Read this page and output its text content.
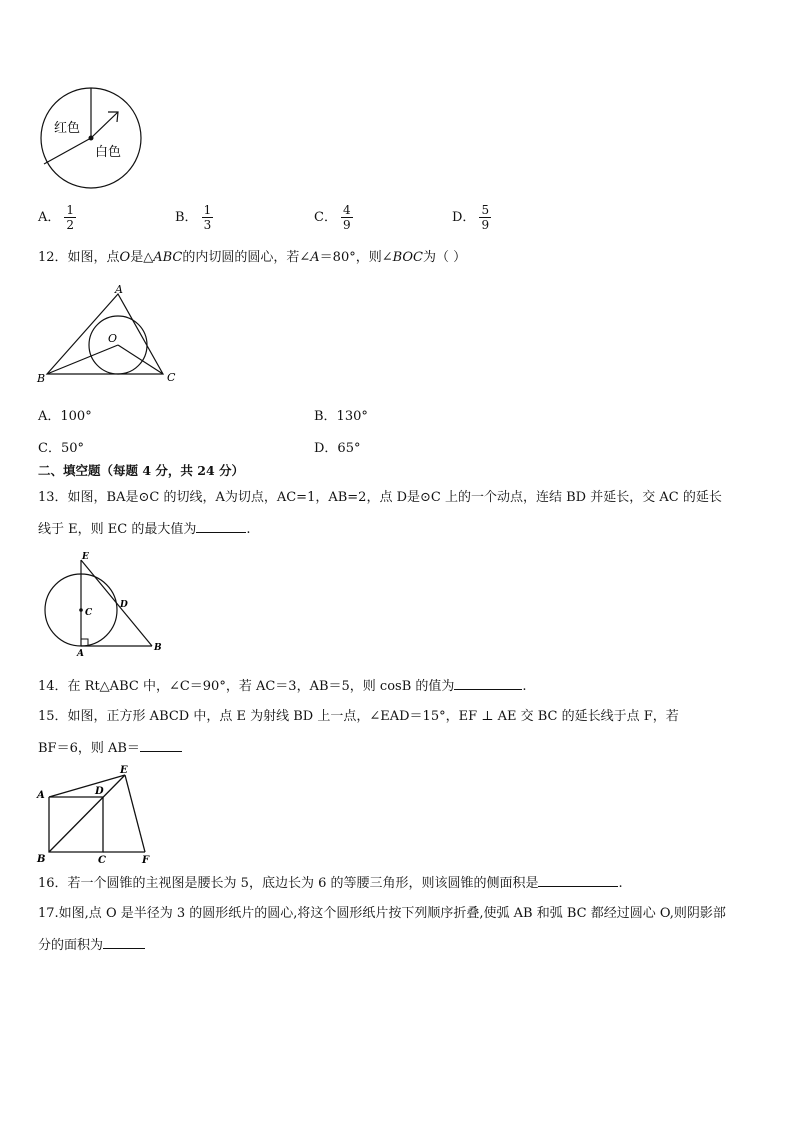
红色
白色
A． $\frac{1}{2}$	B． $\frac{1}{3}$	C． $\frac{4}{9}$	D． $\frac{5}{9}$
12．如图，点O是△ABC的内切圆的圆心，若∠A＝80°，则∠BOC为（ ）
A
B	C
O
A．100°	B．130°
C．50°	D．65°
二、填空题（每题 4 分，共 24 分）
13．如图，BA是⊙C 的切线，A为切点，AC=1，AB=2，点 D是⊙C 上的一个动点，连结 BD 并延长，交 AC 的延长
线于 E，则 EC 的最大值为	.
E
C
D
A
B
14．在 Rt△ABC 中，∠C＝90°，若 AC＝3，AB＝5，则 cosB 的值为	.
15．如图，正方形 ABCD 中，点 E 为射线 BD 上一点，∠EAD＝15°，EF ⊥ AE 交 BC 的延长线于点 F，若
BF＝6，则 AB＝
A
B	C
D
E
F
16．若一个圆锥的主视图是腰长为 5，底边长为 6 的等腰三角形，则该圆锥的侧面积是	.
17.如图,点 O 是半径为 3 的圆形纸片的圆心,将这个圆形纸片按下列顺序折叠,使弧 AB 和弧 BC 都经过圆心 O,则阴影部
分的面积为
